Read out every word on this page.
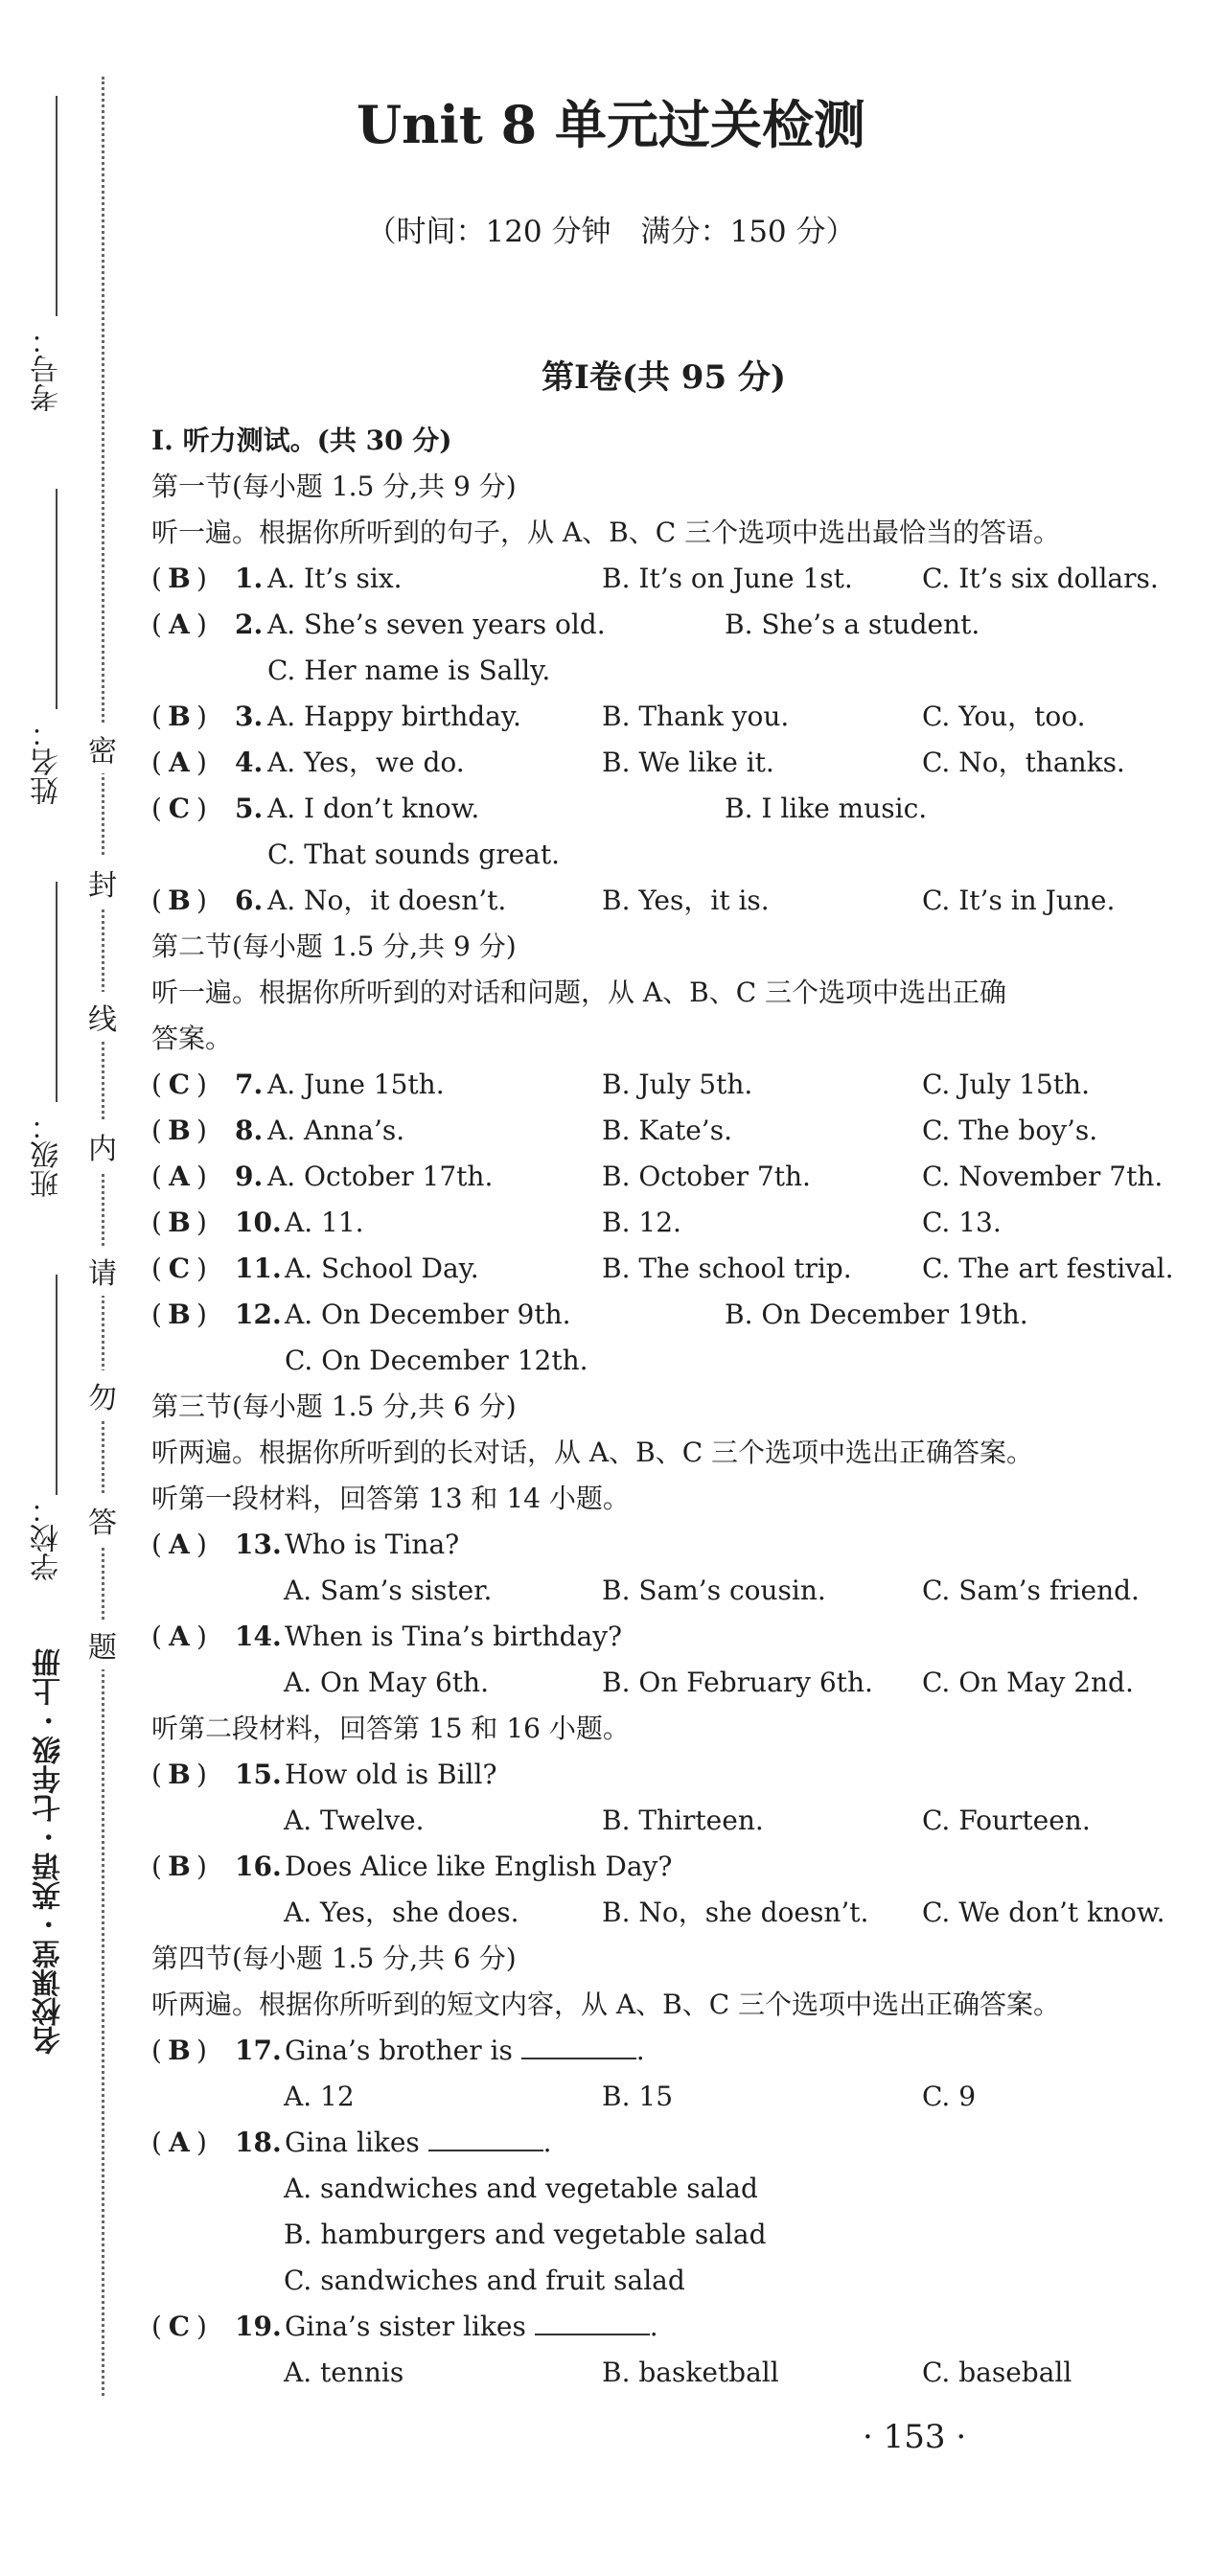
考号：
姓名：
班级：
学校：
名校课堂 · 英语 · 七年级 · 上册
密
封
线
内
请
勿
答
题
Unit 8 单元过关检测
（时间：120 分钟　满分：150 分）
第Ⅰ卷(共 95 分)
Ⅰ. 听力测试。(共 30 分)
第一节(每小题 1.5 分,共 9 分)
听一遍。根据你所听到的句子，从 A、B、C 三个选项中选出最恰当的答语。
( B ) 1. A. It’s six.	B. It’s on June 1st.	C. It’s six dollars.
( A ) 2. A. She’s seven years old.	B. She’s a student.
C. Her name is Sally.
( B ) 3. A. Happy birthday.	B. Thank you.	C. You，too.
( A ) 4. A. Yes，we do.	B. We like it.	C. No，thanks.
( C ) 5. A. I don’t know.	B. I like music.
C. That sounds great.
( B ) 6. A. No，it doesn’t.	B. Yes，it is.	C. It’s in June.
( C ) 7. A. June 15th.	B. July 5th.	C. July 15th.
( B ) 8. A. Anna’s.	B. Kate’s.	C. The boy’s.
( A ) 9. A. October 17th.	B. October 7th.	C. November 7th.
( B ) 10. A. 11.	B. 12.	C. 13.
( C ) 11. A. School Day.	B. The school trip.	C. The art festival.
( B ) 12. A. On December 9th.	B. On December 19th.
C. On December 12th.
( A ) 13. Who is Tina?
A. Sam’s sister.	B. Sam’s cousin.	C. Sam’s friend.
( A ) 14. When is Tina’s birthday?
A. On May 6th.	B. On February 6th. C. On May 2nd.
( B ) 15. How old is Bill?
A. Twelve.	B. Thirteen.	C. Fourteen.
( B ) 16. Does Alice like English Day?
A. Yes，she does.	B. No，she doesn’t. C. We don’t know.
( B ) 17. Gina’s brother is	.
A. 12	B. 15	C. 9
( A ) 18. Gina likes	.
A. sandwiches and vegetable salad
B. hamburgers and vegetable salad
C. sandwiches and fruit salad
( C ) 19. Gina’s sister likes	.
A. tennis	B. basketball	C. baseball
第二节(每小题 1.5 分,共 9 分)
听一遍。根据你所听到的对话和问题，从 A、B、C 三个选项中选出正确
答案。
第三节(每小题 1.5 分,共 6 分)
听两遍。根据你所听到的长对话，从 A、B、C 三个选项中选出正确答案。
听第一段材料，回答第 13 和 14 小题。
听第二段材料，回答第 15 和 16 小题。
第四节(每小题 1.5 分,共 6 分)
听两遍。根据你所听到的短文内容，从 A、B、C 三个选项中选出正确答案。
· 153 ·
